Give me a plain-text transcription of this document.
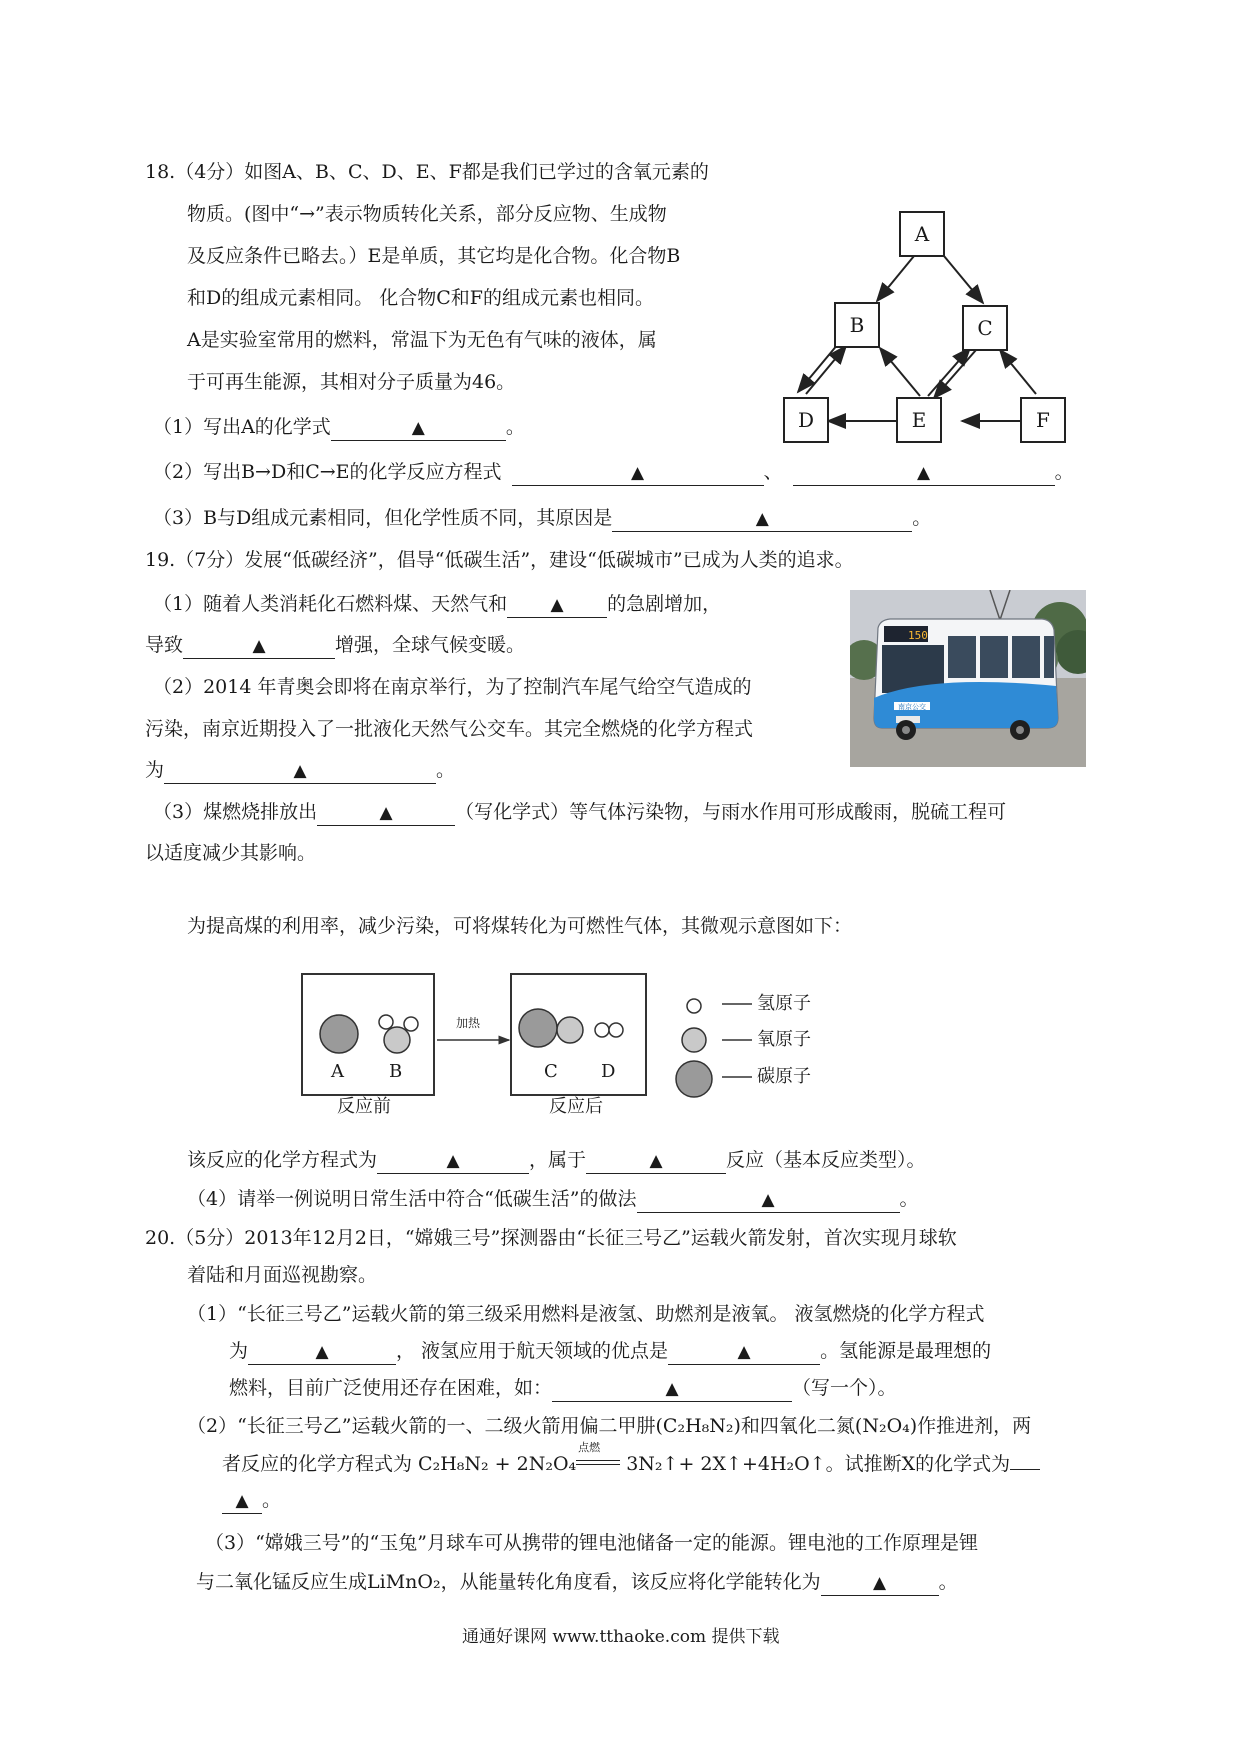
18.（4分）如图A、B、C、D、E、F都是我们已学过的含氧元素的
物质。(图中“→”表示物质转化关系，部分反应物、生成物
及反应条件已略去。）E是单质，其它均是化合物。化合物B
和D的组成元素相同。 化合物C和F的组成元素也相同。
A是实验室常用的燃料，常温下为无色有气味的液体，属
于可再生能源，其相对分子质量为46。
A
B	C
D	E	F
（1）写出A的化学式	▲	。
（2）写出B→D和C→E的化学反应方程式	▲	、	▲	。
（3）B与D组成元素相同，但化学性质不同，其原因是	▲	。
19.（7分）发展“低碳经济”，倡导“低碳生活”，建设“低碳城市”已成为人类的追求。
（1）随着人类消耗化石燃料煤、天然气和	▲ 的急剧增加，
导致	▲	增强，全球气候变暖。
（2）2014 年青奥会即将在南京举行，为了控制汽车尾气给空气造成的
污染，南京近期投入了一批液化天然气公交车。其完全燃烧的化学方程式
为	▲	。
150
南京公交
（3）煤燃烧排放出	▲	（写化学式）等气体污染物，与雨水作用可形成酸雨，脱硫工程可
以适度减少其影响。
为提高煤的利用率，减少污染，可将煤转化为可燃性气体，其微观示意图如下：
A	B	C D
加热
反应前	反应后
氢原子
氧原子
碳原子
该反应的化学方程式为	▲	，属于	▲	反应（基本反应类型）。
（4）请举一例说明日常生活中符合“低碳生活”的做法	▲	。
20.（5分）2013年12月2日，“嫦娥三号”探测器由“长征三号乙”运载火箭发射，首次实现月球软
着陆和月面巡视勘察。
（1）“长征三号乙”运载火箭的第三级采用燃料是液氢、助燃剂是液氧。 液氢燃烧的化学方程式
为	▲	， 液氢应用于航天领域的优点是	▲	。氢能源是最理想的
燃料，目前广泛使用还存在困难，如：	▲	（写一个）。
（2）“长征三号乙”运载火箭的一、二级火箭用偏二甲肼(C₂H₈N₂)和四氧化二氮(N₂O₄)作推进剂，两
者反应的化学方程式为 C₂H₈N₂ + 2N₂O₄
点燃
3N₂↑+ 2X↑+4H₂O↑。试推断X的化学式为
▲ 。
（3）“嫦娥三号”的“玉兔”月球车可从携带的锂电池储备一定的能源。锂电池的工作原理是锂
与二氧化锰反应生成LiMnO₂，从能量转化角度看，该反应将化学能转化为	▲	。
通通好课网 www.tthaoke.com 提供下载
